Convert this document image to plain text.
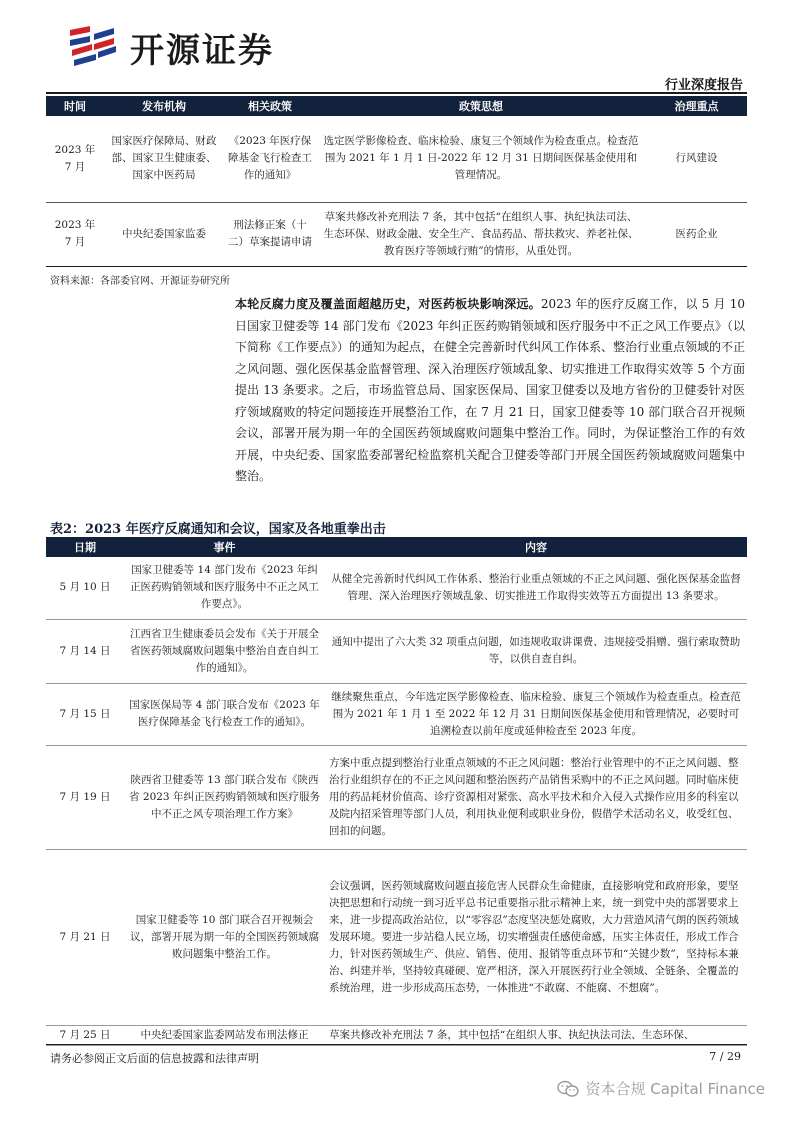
开源证券
行业深度报告
时间	发布机构	相关政策	政策思想	治理重点
2023 年 7 月	国家医疗保障局、财政部、国家卫生健康委、国家中医药局	《2023 年医疗保障基金飞行检查工作的通知》	选定医学影像检查、临床检验、康复三个领域作为检查重点。检查范围为 2021 年 1 月 1 日-2022 年 12 月 31 日期间医保基金使用和管理情况。	行风建设
2023 年 7 月	中央纪委国家监委	刑法修正案（十二）草案提请申请	草案共修改补充刑法 7 条，其中包括“在组织人事、执纪执法司法、生态环保、财政金融、安全生产、食品药品、帮扶救灾、养老社保、教育医疗等领域行贿”的情形，从重处罚。	医药企业
资料来源：各部委官网、开源证券研究所
本轮反腐力度及覆盖面超越历史，对医药板块影响深远。2023 年的医疗反腐工作，以 5 月 10 日国家卫健委等 14 部门发布《2023 年纠正医药购销领域和医疗服务中不正之风工作要点》（以下简称《工作要点》）的通知为起点，在健全完善新时代纠风工作体系、整治行业重点领域的不正之风问题、强化医保基金监督管理、深入治理医疗领域乱象、切实推进工作取得实效等 5 个方面提出 13 条要求。之后，市场监管总局、国家医保局、国家卫健委以及地方省份的卫健委针对医疗领域腐败的特定问题接连开展整治工作，在 7 月 21 日，国家卫健委等 10 部门联合召开视频会议，部署开展为期一年的全国医药领域腐败问题集中整治工作。同时，为保证整治工作的有效开展，中央纪委、国家监委部署纪检监察机关配合卫健委等部门开展全国医药领域腐败问题集中整治。
表2：2023 年医疗反腐通知和会议，国家及各地重拳出击
日期	事件	内容
5 月 10 日	国家卫健委等 14 部门发布《2023 年纠正医药购销领域和医疗服务中不正之风工作要点》。	从健全完善新时代纠风工作体系、整治行业重点领域的不正之风问题、强化医保基金监督管理、深入治理医疗领域乱象、切实推进工作取得实效等五方面提出 13 条要求。
7 月 14 日	江西省卫生健康委员会发布《关于开展全省医药领域腐败问题集中整治自查自纠工作的通知》。	通知中提出了六大类 32 项重点问题，如违规收取讲课费、违规接受捐赠、强行索取赞助等，以供自查自纠。
7 月 15 日	国家医保局等 4 部门联合发布《2023 年医疗保障基金飞行检查工作的通知》。	继续聚焦重点，今年选定医学影像检查、临床检验、康复三个领域作为检查重点。检查范围为 2021 年 1 月 1 至 2022 年 12 月 31 日期间医保基金使用和管理情况，必要时可追溯检查以前年度或延伸检查至 2023 年度。
7 月 19 日	陕西省卫健委等 13 部门联合发布《陕西省 2023 年纠正医药购销领域和医疗服务中不正之风专项治理工作方案》	方案中重点提到整治行业重点领域的不正之风问题：整治行业管理中的不正之风问题、整治行业组织存在的不正之风问题和整治医药产品销售采购中的不正之风问题。同时临床使用的药品耗材价值高、诊疗资源相对紧张、高水平技术和介入侵入式操作应用多的科室以及院内招采管理等部门人员，利用执业便利或职业身份，假借学术活动名义，收受红包、回扣的问题。
7 月 21 日	国家卫健委等 10 部门联合召开视频会议，部署开展为期一年的全国医药领域腐败问题集中整治工作。	会议强调，医药领域腐败问题直接危害人民群众生命健康，直接影响党和政府形象，要坚决把思想和行动统一到习近平总书记重要指示批示精神上来，统一到党中央的部署要求上来，进一步提高政治站位，以“零容忍”态度坚决惩处腐败，大力营造风清气朗的医药领域发展环境。要进一步站稳人民立场，切实增强责任感使命感，压实主体责任，形成工作合力，针对医药领域生产、供应、销售、使用、报销等重点环节和“关键少数”，坚持标本兼治、纠建并举，坚持较真碰硬、宽严相济，深入开展医药行业全领域、全链条、全覆盖的系统治理，进一步形成高压态势，一体推进“不敢腐、不能腐、不想腐”。
7 月 25 日	中央纪委国家监委网站发布刑法修正	草案共修改补充刑法 7 条，其中包括“在组织人事、执纪执法司法、生态环保、
请务必参阅正文后面的信息披露和法律声明	7 / 29
资本合规 Capital Finance
